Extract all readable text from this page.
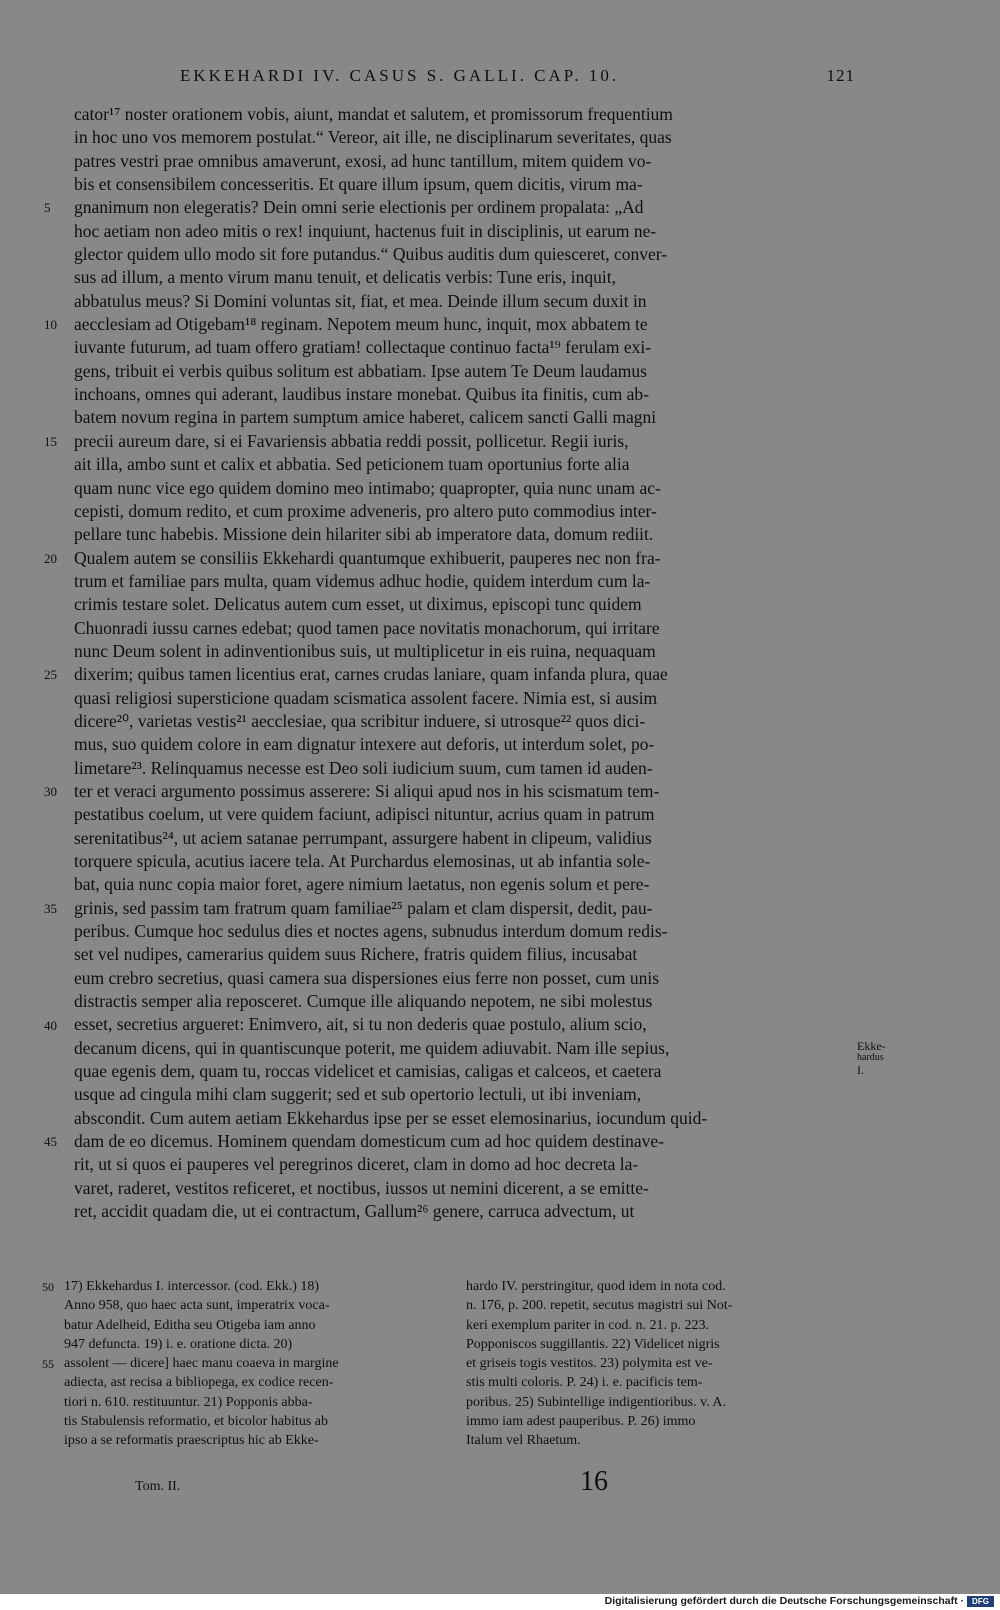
EKKEHARDI IV. CASUS S. GALLI. CAP. 10.	121
5
10
15
20
25
30
35
40
45
cator¹⁷ noster orationem vobis, aiunt, mandat et salutem, et promissorum frequentium
in hoc uno vos memorem postulat.“ Vereor, ait ille, ne disciplinarum severitates, quas
patres vestri prae omnibus amaverunt, exosi, ad hunc tantillum, mitem quidem vo-
bis et consensibilem concesseritis. Et quare illum ipsum, quem dicitis, virum ma-
gnanimum non elegeratis? Dein omni serie electionis per ordinem propalata: „Ad
hoc aetiam non adeo mitis o rex! inquiunt, hactenus fuit in disciplinis, ut earum ne-
glector quidem ullo modo sit fore putandus.“ Quibus auditis dum quiesceret, conver-
sus ad illum, a mento virum manu tenuit, et delicatis verbis: Tune eris, inquit,
abbatulus meus? Si Domini voluntas sit, fiat, et mea. Deinde illum secum duxit in
aecclesiam ad Otigebam¹⁸ reginam. Nepotem meum hunc, inquit, mox abbatem te
iuvante futurum, ad tuam offero gratiam! collectaque continuo facta¹⁹ ferulam exi-
gens, tribuit ei verbis quibus solitum est abbatiam. Ipse autem Te Deum laudamus
inchoans, omnes qui aderant, laudibus instare monebat. Quibus ita finitis, cum ab-
batem novum regina in partem sumptum amice haberet, calicem sancti Galli magni
precii aureum dare, si ei Favariensis abbatia reddi possit, pollicetur. Regii iuris,
ait illa, ambo sunt et calix et abbatia. Sed peticionem tuam oportunius forte alia
quam nunc vice ego quidem domino meo intimabo; quapropter, quia nunc unam ac-
cepisti, domum redito, et cum proxime adveneris, pro altero puto commodius inter-
pellare tunc habebis. Missione dein hilariter sibi ab imperatore data, domum rediit.
Qualem autem se consiliis Ekkehardi quantumque exhibuerit, pauperes nec non fra-
trum et familiae pars multa, quam videmus adhuc hodie, quidem interdum cum la-
crimis testare solet. Delicatus autem cum esset, ut diximus, episcopi tunc quidem
Chuonradi iussu carnes edebat; quod tamen pace novitatis monachorum, qui irritare
nunc Deum solent in adinventionibus suis, ut multiplicetur in eis ruina, nequaquam
dixerim; quibus tamen licentius erat, carnes crudas laniare, quam infanda plura, quae
quasi religiosi supersticione quadam scismatica assolent facere. Nimia est, si ausim
dicere²⁰, varietas vestis²¹ aecclesiae, qua scribitur induere, si utrosque²² quos dici-
mus, suo quidem colore in eam dignatur intexere aut deforis, ut interdum solet, po-
limetare²³. Relinquamus necesse est Deo soli iudicium suum, cum tamen id auden-
ter et veraci argumento possimus asserere: Si aliqui apud nos in his scismatum tem-
pestatibus coelum, ut vere quidem faciunt, adipisci nituntur, acrius quam in patrum
serenitatibus²⁴, ut aciem satanae perrumpant, assurgere habent in clipeum, validius
torquere spicula, acutius iacere tela. At Purchardus elemosinas, ut ab infantia sole-
bat, quia nunc copia maior foret, agere nimium laetatus, non egenis solum et pere-
grinis, sed passim tam fratrum quam familiae²⁵ palam et clam dispersit, dedit, pau-
peribus. Cumque hoc sedulus dies et noctes agens, subnudus interdum domum redis-
set vel nudipes, camerarius quidem suus Richere, fratris quidem filius, incusabat
eum crebro secretius, quasi camera sua dispersiones eius ferre non posset, cum unis
distractis semper alia reposceret. Cumque ille aliquando nepotem, ne sibi molestus
esset, secretius argueret: Enimvero, ait, si tu non dederis quae postulo, alium scio,
decanum dicens, qui in quantiscunque poterit, me quidem adiuvabit. Nam ille sepius,
quae egenis dem, quam tu, roccas videlicet et camisias, caligas et calceos, et caetera
usque ad cingula mihi clam suggerit; sed et sub opertorio lectuli, ut ibi inveniam,
abscondit. Cum autem aetiam Ekkehardus ipse per se esset elemosinarius, iocundum quid-
dam de eo dicemus. Hominem quendam domesticum cum ad hoc quidem destinave-
rit, ut si quos ei pauperes vel peregrinos diceret, clam in domo ad hoc decreta la-
varet, raderet, vestitos reficeret, et noctibus, iussos ut nemini dicerent, a se emitte-
ret, accidit quadam die, ut ei contractum, Gallum²⁶ genere, carruca advectum, ut
Ekke-
hardus
I.
17) Ekkehardus I. intercessor. (cod. Ekk.) 18)
Anno 958, quo haec acta sunt, imperatrix voca-
batur Adelheid, Editha seu Otigeba iam anno
947 defuncta. 19) i. e. oratione dicta. 20)
assolent — dicere] haec manu coaeva in margine
adiecta, ast recisa a bibliopega, ex codice recen-
tiori n. 610. restituuntur. 21) Popponis abba-
tis Stabulensis reformatio, et bicolor habitus ab
ipso a se reformatis praescriptus hic ab Ekke-
hardo IV. perstringitur, quod idem in nota cod.
n. 176, p. 200. repetit, secutus magistri sui Not-
keri exemplum pariter in cod. n. 21. p. 223.
Popponiscos suggillantis. 22) Videlicet nigris
et griseis togis vestitos. 23) polymita est ve-
stis multi coloris. P. 24) i. e. pacificis tem-
poribus. 25) Subintellige indigentioribus. v. A.
immo iam adest pauperibus. P. 26) immo
Italum vel Rhaetum.
50
55
Tom. II.	16
Digitalisierung gefördert durch die Deutsche Forschungsgemeinschaft ·	DFG
